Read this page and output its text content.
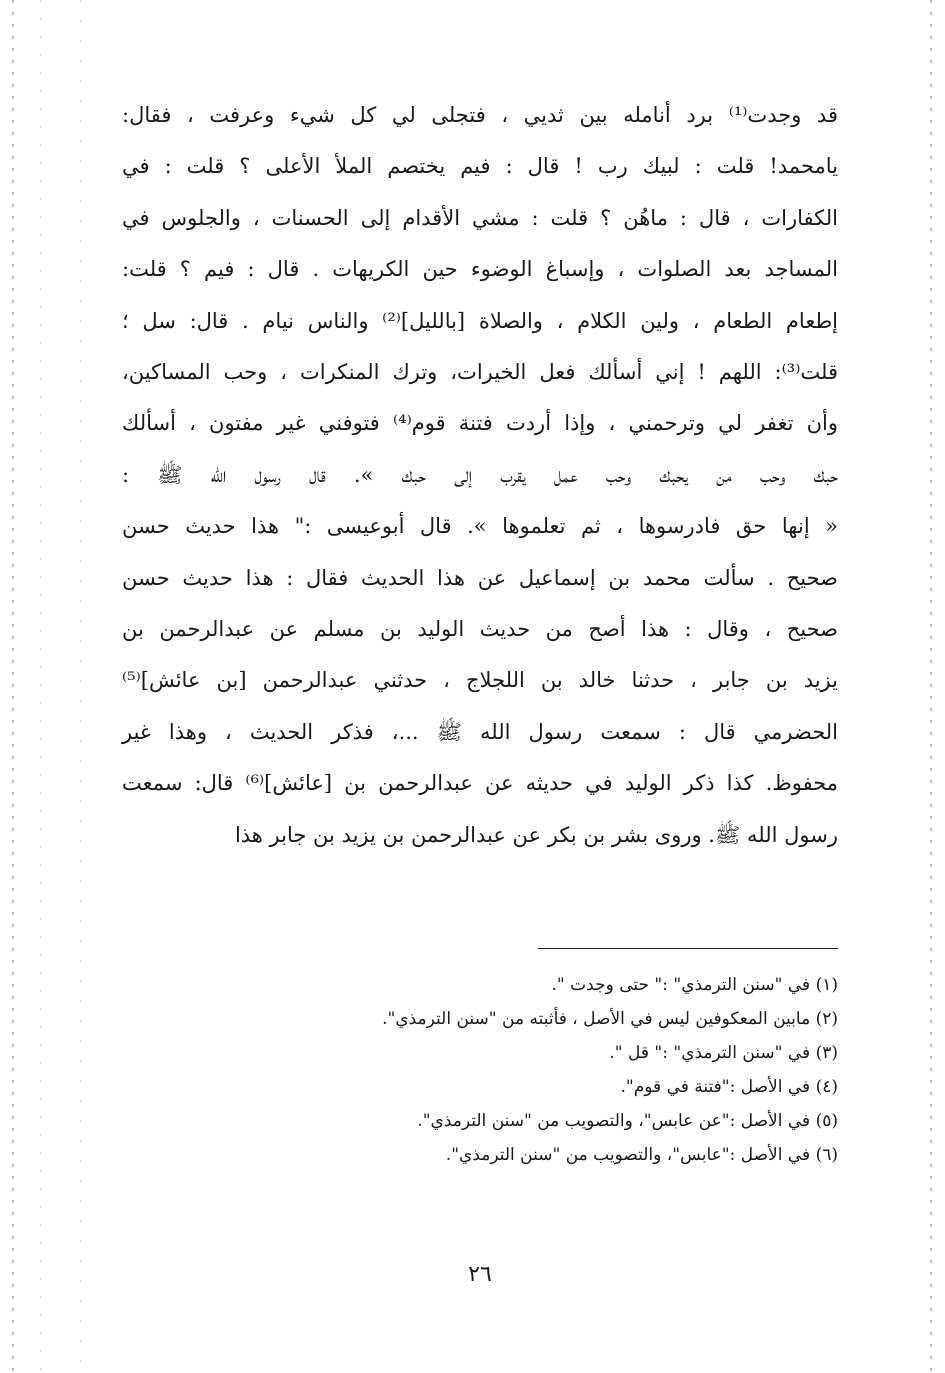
قد وجدت⁽¹⁾ برد أنامله بين ثديي ، فتجلى لي كل شيء وعرفت ، فقال:

يامحمد! قلت : لبيك رب ! قال : فيم يختصم الملأ الأعلى ؟ قلت : في

الكفارات ، قال : ماهُن ؟ قلت : مشي الأقدام إلى الحسنات ، والجلوس في

المساجد بعد الصلوات ، وإسباغ الوضوء حين الكريهات . قال : فيم ؟ قلت:

إطعام الطعام ، ولين الكلام ، والصلاة [بالليل]⁽²⁾ والناس نيام . قال: سل ؛

قلت⁽³⁾: اللهم ! إني أسألك فعل الخيرات، وترك المنكرات ، وحب المساكين،

وأن تغفر لي وترحمني ، وإذا أردت فتنة قوم⁽⁴⁾ فتوفني غير مفتون ، أسألك

حبك وحب من يحبك وحب عمل يقرب إلى حبك ». قال رسول الله ﷺ :

« إنها حق فادرسوها ، ثم تعلموها ». قال أبوعيسى :" هذا حديث حسن

صحيح . سألت محمد بن إسماعيل عن هذا الحديث فقال : هذا حديث حسن

صحيح ، وقال : هذا أصح من حديث الوليد بن مسلم عن عبدالرحمن بن

يزيد بن جابر ، حدثنا خالد بن اللجلاج ، حدثني عبدالرحمن [بن عائش]⁽⁵⁾

الحضرمي قال : سمعت رسول الله ﷺ ...، فذكر الحديث ، وهذا غير

محفوظ. كذا ذكر الوليد في حديثه عن عبدالرحمن بن [عائش]⁽⁶⁾ قال: سمعت

رسول الله ﷺ. وروى بشر بن بكر عن عبدالرحمن بن يزيد بن جابر هذا

(١) في "سنن الترمذي" :" حتى وجدت ".
(٢) مابين المعكوفين ليس في الأصل ، فأثبته من "سنن الترمذي".
(٣) في "سنن الترمذي" :" قل ".
(٤) في الأصل :"فتنة في قوم".
(٥) في الأصل :"عن عابس"، والتصويب من "سنن الترمذي".
(٦) في الأصل :"عابس"، والتصويب من "سنن الترمذي".
٢٦
